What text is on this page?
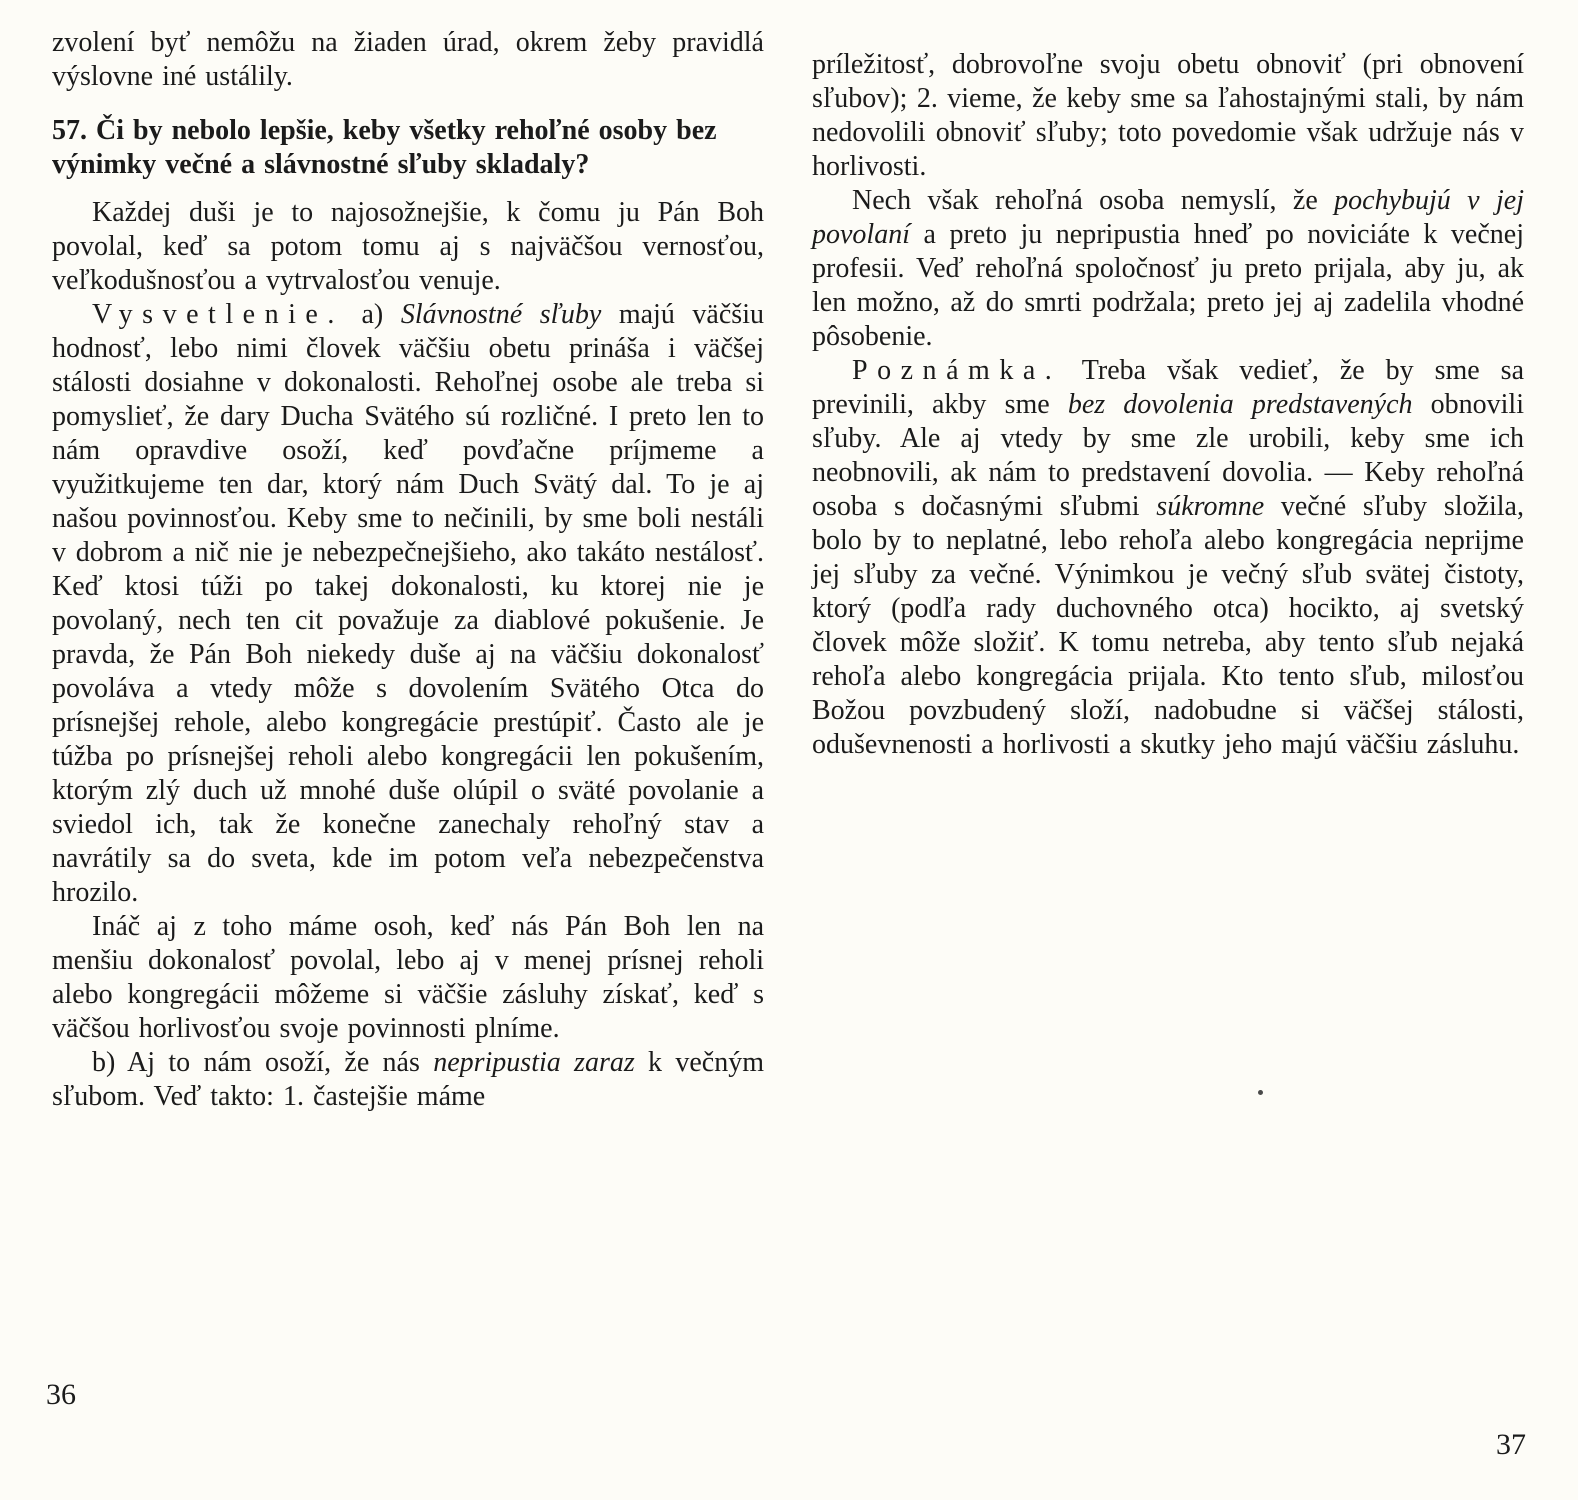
zvolení byť nemôžu na žiaden úrad, okrem žeby pravidlá výslovne iné ustálily.

57. Či by nebolo lepšie, keby všetky rehoľné osoby bez výnimky večné a slávnostné sľuby skladaly?

Každej duši je to najosožnejšie, k čomu ju Pán Boh povolal, keď sa potom tomu aj s najväčšou vernosťou, veľkodušnosťou a vytrvalosťou venuje.

Vysvetlenie. a) Slávnostné sľuby majú väčšiu hodnosť, lebo nimi človek väčšiu obetu prináša i väčšej stálosti dosiahne v dokonalosti. Rehoľnej osobe ale treba si pomyslieť, že dary Ducha Svätého sú rozličné. I preto len to nám opravdive osoží, keď povďačne príjmeme a využitkujeme ten dar, ktorý nám Duch Svätý dal. To je aj našou povinnosťou. Keby sme to nečinili, by sme boli nestáli v dobrom a nič nie je nebezpečnejšieho, ako takáto nestálosť. Keď ktosi túži po takej dokonalosti, ku ktorej nie je povolaný, nech ten cit považuje za diablové pokušenie. Je pravda, že Pán Boh niekedy duše aj na väčšiu dokonalosť povoláva a vtedy môže s dovolením Svätého Otca do prísnejšej rehole, alebo kongregácie prestúpiť. Často ale je túžba po prísnejšej reholi alebo kongregácii len pokušením, ktorým zlý duch už mnohé duše olúpil o sväté povolanie a sviedol ich, tak že konečne zanechaly rehoľný stav a navrátily sa do sveta, kde im potom veľa nebezpečenstva hrozilo.

Ináč aj z toho máme osoh, keď nás Pán Boh len na menšiu dokonalosť povolal, lebo aj v menej prísnej reholi alebo kongregácii môžeme si väčšie zásluhy získať, keď s väčšou horlivosťou svoje povinnosti plníme.

b) Aj to nám osoží, že nás nepripustia zaraz k večným sľubom. Veď takto: 1. častejšie máme

príležitosť, dobrovoľne svoju obetu obnoviť (pri obnovení sľubov); 2. vieme, že keby sme sa ľahostajnými stali, by nám nedovolili obnoviť sľuby; toto povedomie však udržuje nás v horlivosti.

Nech však rehoľná osoba nemyslí, že pochybujú v jej povolaní a preto ju nepripustia hneď po noviciáte k večnej profesii. Veď rehoľná spoločnosť ju preto prijala, aby ju, ak len možno, až do smrti podržala; preto jej aj zadelila vhodné pôsobenie.

Poznámka. Treba však vedieť, že by sme sa previnili, akby sme bez dovolenia predstavených obnovili sľuby. Ale aj vtedy by sme zle urobili, keby sme ich neobnovili, ak nám to predstavení dovolia. — Keby rehoľná osoba s dočasnými sľubmi súkromne večné sľuby složila, bolo by to neplatné, lebo rehoľa alebo kongregácia neprijme jej sľuby za večné. Výnimkou je večný sľub svätej čistoty, ktorý (podľa rady duchovného otca) hocikto, aj svetský človek môže složiť. K tomu netreba, aby tento sľub nejaká rehoľa alebo kongregácia prijala. Kto tento sľub, milosťou Božou povzbudený složí, nadobudne si väčšej stálosti, oduševnenosti a horlivosti a skutky jeho majú väčšiu zásluhu.

36
37
